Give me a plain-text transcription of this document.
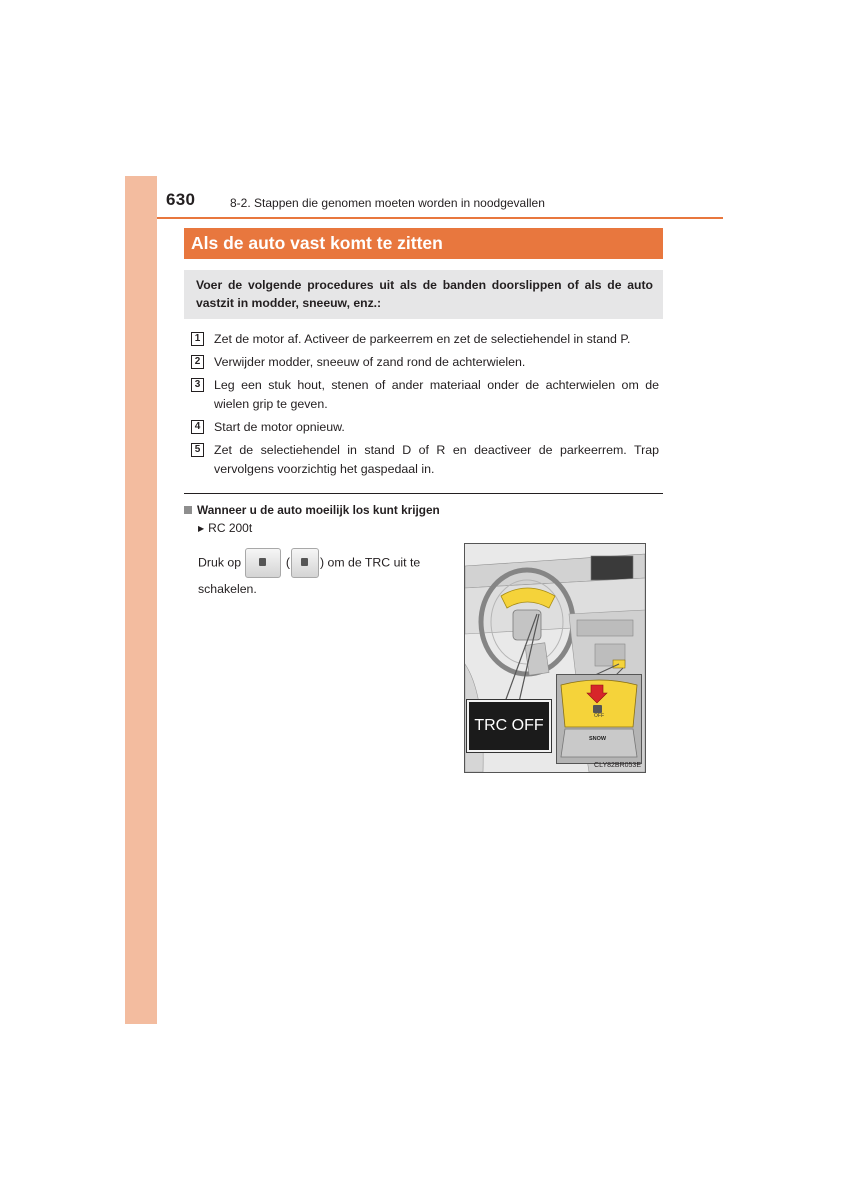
630	8-2. Stappen die genomen moeten worden in noodgevallen
Als de auto vast komt te zitten
Voer de volgende procedures uit als de banden doorslippen of als de auto vastzit in modder, sneeuw, enz.:
1 Zet de motor af. Activeer de parkeerrem en zet de selectiehendel in stand P.
2 Verwijder modder, sneeuw of zand rond de achterwielen.
3 Leg een stuk hout, stenen of ander materiaal onder de achterwielen om de wielen grip te geven.
4 Start de motor opnieuw.
5 Zet de selectiehendel in stand D of R en deactiveer de parkeerrem. Trap vervolgens voorzichtig het gaspedaal in.
Wanneer u de auto moeilijk los kunt krijgen
▶ RC 200t
Druk op	( ) om de TRC uit te schakelen.
TRC OFF
OFF
SNOW
CLY82BR053E
